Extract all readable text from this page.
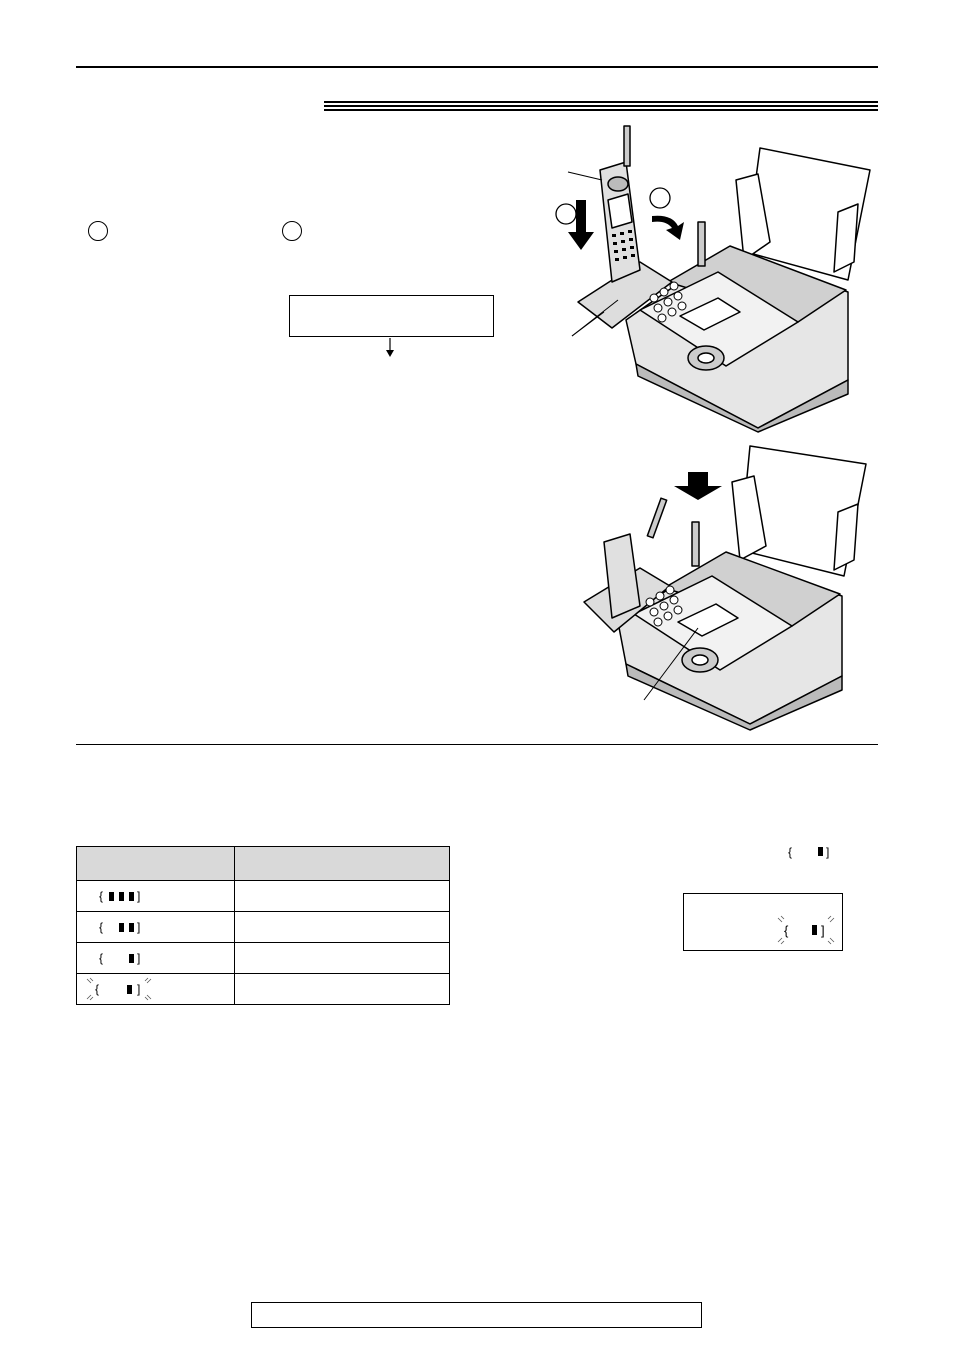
{ ]	

{ ]	

{ ]	

{ ]	

{	]
{	]
